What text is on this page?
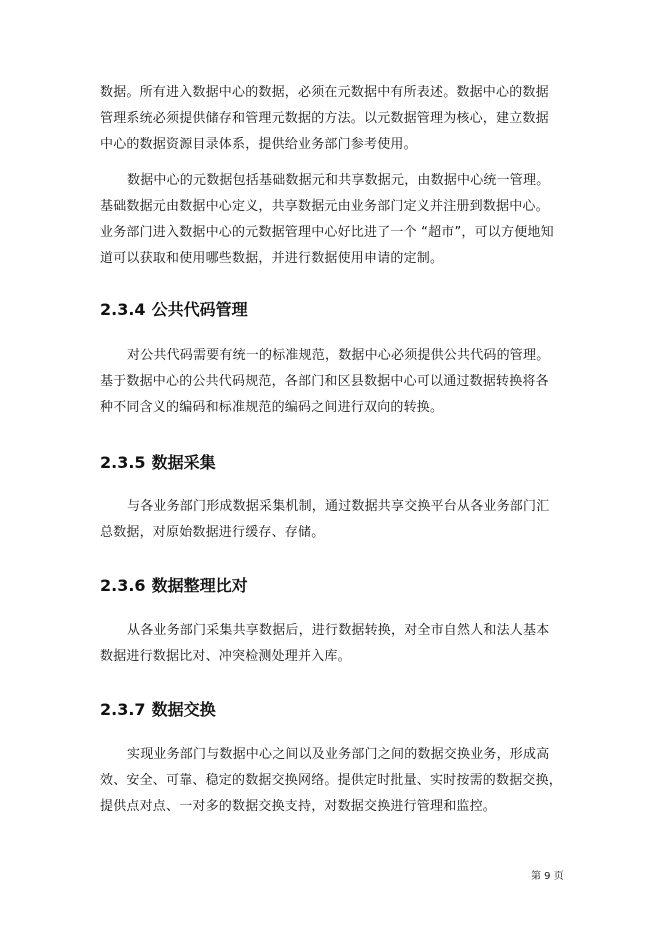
数据。所有进入数据中心的数据，必须在元数据中有所表述。数据中心的数据
管理系统必须提供储存和管理元数据的方法。以元数据管理为核心，建立数据
中心的数据资源目录体系，提供给业务部门参考使用。
数据中心的元数据包括基础数据元和共享数据元，由数据中心统一管理。
基础数据元由数据中心定义，共享数据元由业务部门定义并注册到数据中心。
业务部门进入数据中心的元数据管理中心好比进了一个 “超市”，可以方便地知
道可以获取和使用哪些数据，并进行数据使用申请的定制。
2.3.4 公共代码管理
对公共代码需要有统一的标准规范，数据中心必须提供公共代码的管理。
基于数据中心的公共代码规范，各部门和区县数据中心可以通过数据转换将各
种不同含义的编码和标准规范的编码之间进行双向的转换。
2.3.5 数据采集
与各业务部门形成数据采集机制，通过数据共享交换平台从各业务部门汇
总数据，对原始数据进行缓存、存储。
2.3.6 数据整理比对
从各业务部门采集共享数据后，进行数据转换，对全市自然人和法人基本
数据进行数据比对、冲突检测处理并入库。
2.3.7 数据交换
实现业务部门与数据中心之间以及业务部门之间的数据交换业务，形成高
效、安全、可靠、稳定的数据交换网络。提供定时批量、实时按需的数据交换，
提供点对点、一对多的数据交换支持，对数据交换进行管理和监控。
第 9 页
